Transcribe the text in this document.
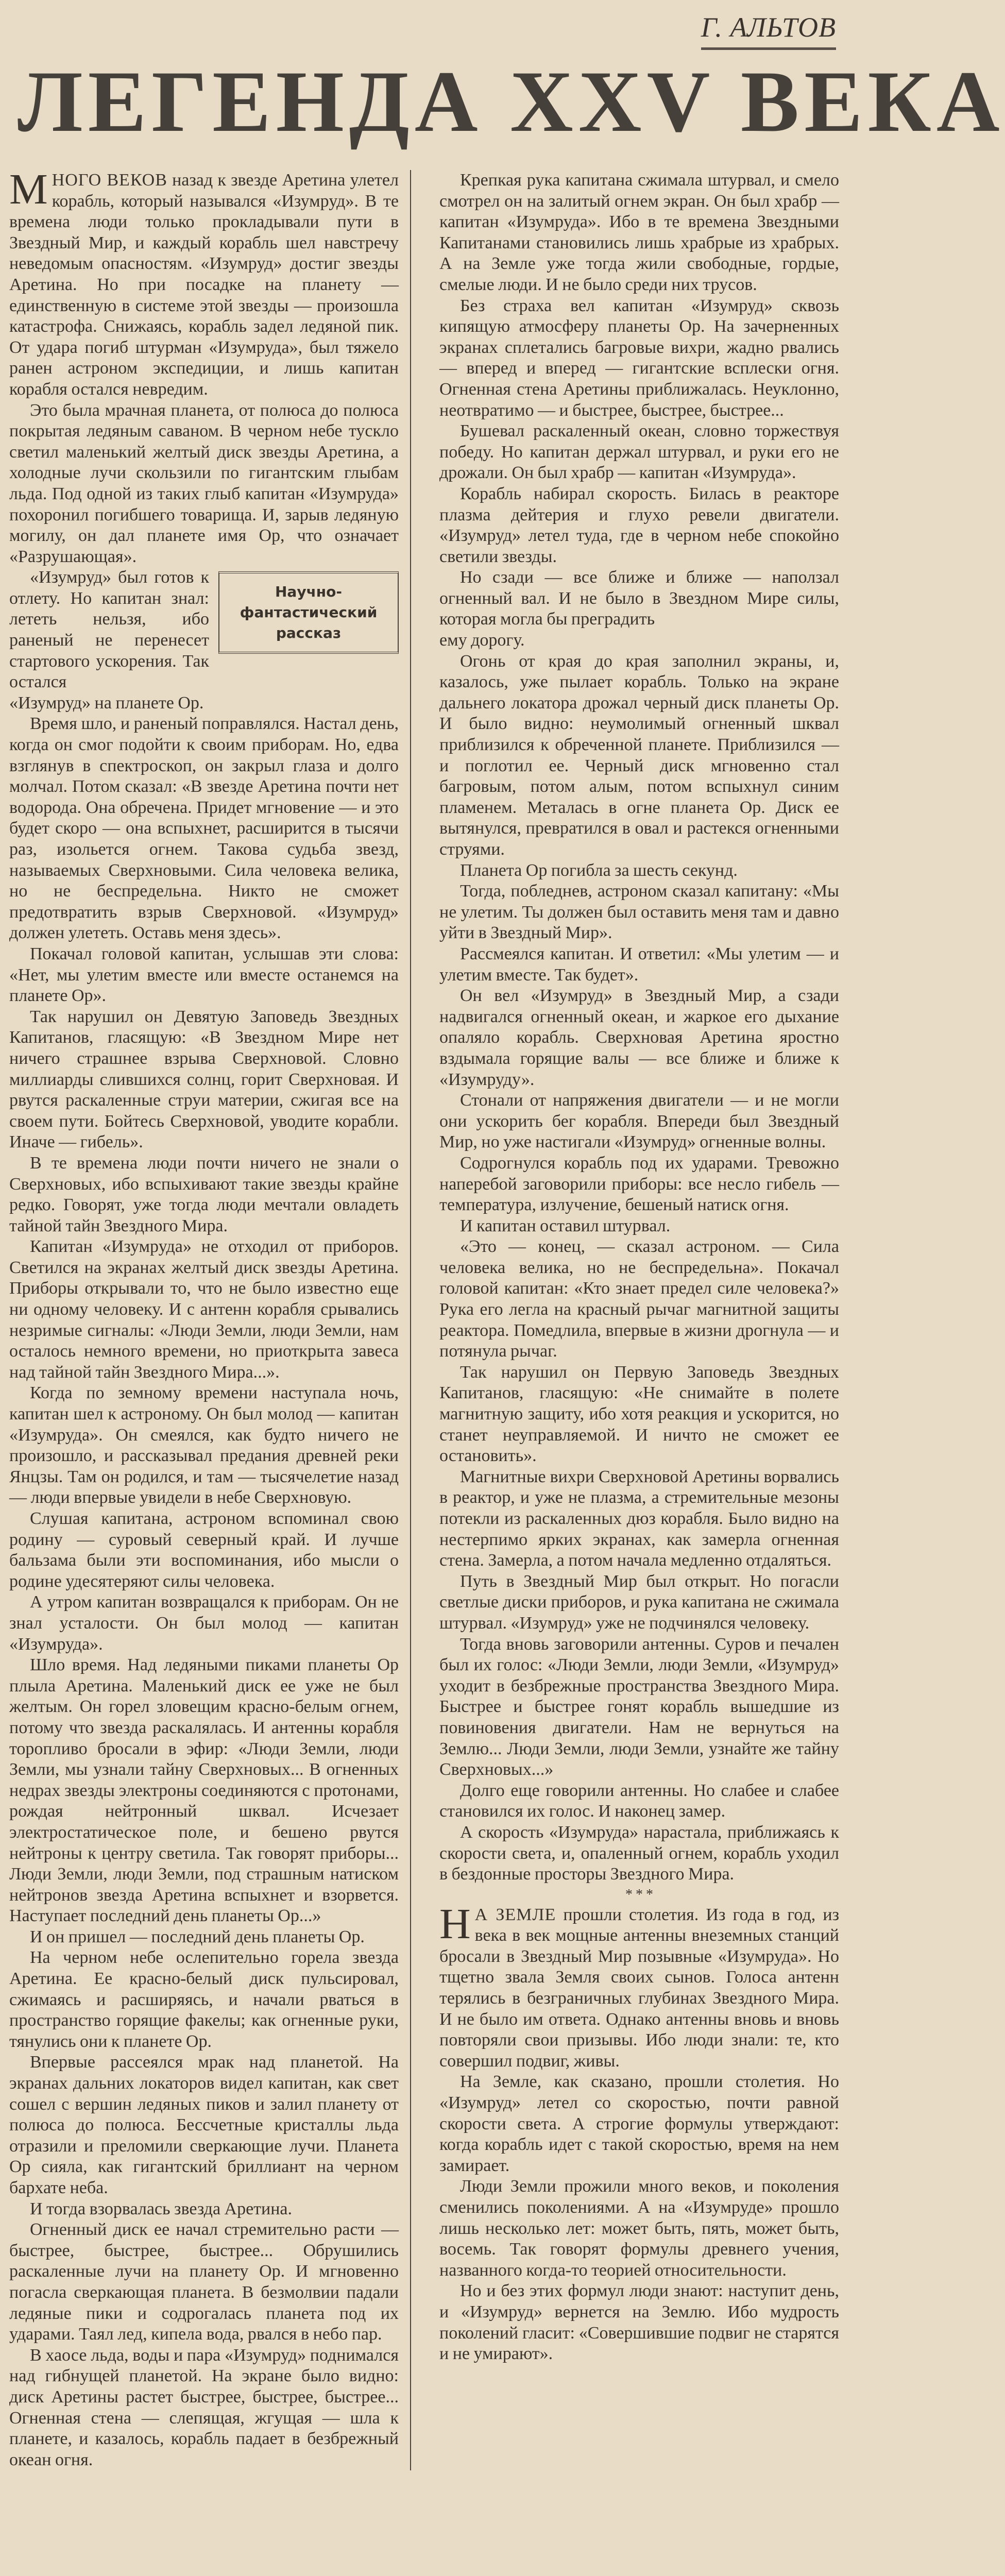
Г. АЛЬТОВ
ЛЕГЕНДА XXV ВЕКА

МНОГО ВЕКОВ назад к звезде Аретина улетел корабль, который назывался «Изумруд». В те времена люди только прокладывали пути в Звездный Мир, и каждый корабль шел навстречу неведомым опасностям. «Изумруд» достиг звезды Аретина. Но при посадке на планету — единственную в системе этой звезды — произошла катастрофа. Снижаясь, корабль задел ледяной пик. От удара погиб штурман «Изумруда», был тяжело ранен астроном экспедиции, и лишь капитан корабля остался невредим.

Это была мрачная планета, от полюса до полюса покрытая ледяным саваном. В черном небе тускло светил маленький желтый диск звезды Аретина, а холодные лучи скользили по гигантским глыбам льда. Под одной из таких глыб капитан «Изумруда» похоронил погибшего товарища. И, зарыв ледяную могилу, он дал планете имя Ор, что означает «Разрушающая».

Научно-фантастический рассказ

«Изумруд» был готов к отлету. Но капитан знал: лететь нельзя, ибо раненый не перенесет стартового ускорения. Так остался

«Изумруд» на планете Ор.

Время шло, и раненый поправлялся. Настал день, когда он смог подойти к своим приборам. Но, едва взглянув в спектроскоп, он закрыл глаза и долго молчал. Потом сказал: «В звезде Аретина почти нет водорода. Она обречена. Придет мгновение — и это будет скоро — она вспыхнет, расширится в тысячи раз, изольется огнем. Такова судьба звезд, называемых Сверхновыми. Сила человека велика, но не беспредельна. Никто не сможет предотвратить взрыв Сверхновой. «Изумруд» должен улететь. Оставь меня здесь».

Покачал головой капитан, услышав эти слова: «Нет, мы улетим вместе или вместе останемся на планете Ор».

Так нарушил он Девятую Заповедь Звездных Капитанов, гласящую: «В Звездном Мире нет ничего страшнее взрыва Сверхновой. Словно миллиарды слившихся солнц, горит Сверхновая. И рвутся раскаленные струи материи, сжигая все на своем пути. Бойтесь Сверхновой, уводите корабли. Иначе — гибель».

В те времена люди почти ничего не знали о Сверхновых, ибо вспыхивают такие звезды крайне редко. Говорят, уже тогда люди мечтали овладеть тайной тайн Звездного Мира.

Капитан «Изумруда» не отходил от приборов. Светился на экранах желтый диск звезды Аретина. Приборы открывали то, что не было известно еще ни одному человеку. И с антенн корабля срывались незримые сигналы: «Люди Земли, люди Земли, нам осталось немного времени, но приоткрыта завеса над тайной тайн Звездного Мира...».

Когда по земному времени наступала ночь, капитан шел к астроному. Он был молод — капитан «Изумруда». Он смеялся, как будто ничего не произошло, и рассказывал предания древней реки Янцзы. Там он родился, и там — тысячелетие назад — люди впервые увидели в небе Сверхновую.

Слушая капитана, астроном вспоминал свою родину — суровый северный край. И лучше бальзама были эти воспоминания, ибо мысли о родине удесятеряют силы человека.

А утром капитан возвращался к приборам. Он не знал усталости. Он был молод — капитан «Изумруда».

Шло время. Над ледяными пиками планеты Ор плыла Аретина. Маленький диск ее уже не был желтым. Он горел зловещим красно-белым огнем, потому что звезда раскалялась. И антенны корабля торопливо бросали в эфир: «Люди Земли, люди Земли, мы узнали тайну Сверхновых... В огненных недрах звезды электроны соединяются с протонами, рождая нейтронный шквал. Исчезает электростатическое поле, и бешено рвутся нейтроны к центру светила. Так говорят приборы... Люди Земли, люди Земли, под страшным натиском нейтронов звезда Аретина вспыхнет и взорвется. Наступает последний день планеты Ор...»

И он пришел — последний день планеты Ор.

На черном небе ослепительно горела звезда Аретина. Ее красно-белый диск пульсировал, сжимаясь и расширяясь, и начали рваться в пространство горящие факелы; как огненные руки, тянулись они к планете Ор.

Впервые рассеялся мрак над планетой. На экранах дальних локаторов видел капитан, как свет сошел с вершин ледяных пиков и залил планету от полюса до полюса. Бессчетные кристаллы льда отразили и преломили сверкающие лучи. Планета Ор сияла, как гигантский бриллиант на черном бархате неба.

И тогда взорвалась звезда Аретина.

Огненный диск ее начал стремительно расти — быстрее, быстрее, быстрее... Обрушились раскаленные лучи на планету Ор. И мгновенно погасла сверкающая планета. В безмолвии падали ледяные пики и содрогалась планета под их ударами. Таял лед, кипела вода, рвался в небо пар.

В хаосе льда, воды и пара «Изумруд» поднимался над гибнущей планетой. На экране было видно: диск Аретины растет быстрее, быстрее, быстрее... Огненная стена — слепящая, жгущая — шла к планете, и казалось, корабль падает в безбрежный океан огня.

Крепкая рука капитана сжимала штурвал, и смело смотрел он на залитый огнем экран. Он был храбр — капитан «Изумруда». Ибо в те времена Звездными Капитанами становились лишь храбрые из храбрых. А на Земле уже тогда жили свободные, гордые, смелые люди. И не было среди них трусов.

Без страха вел капитан «Изумруд» сквозь кипящую атмосферу планеты Ор. На зачерненных экранах сплетались багровые вихри, жадно рвались — вперед и вперед — гигантские всплески огня. Огненная стена Аретины приближалась. Неуклонно, неотвратимо — и быстрее, быстрее, быстрее...

Бушевал раскаленный океан, словно торжествуя победу. Но капитан держал штурвал, и руки его не дрожали. Он был храбр — капитан «Изумруда».

Корабль набирал скорость. Билась в реакторе плазма дейтерия и глухо ревели двигатели. «Изумруд» летел туда, где в черном небе спокойно светили звезды.

Но сзади — все ближе и ближе — наползал огненный вал. И не было в Звездном Мире силы, которая могла бы преградить

ему дорогу.

Огонь от края до края заполнил экраны, и, казалось, уже пылает корабль. Только на экране дальнего локатора дрожал черный диск планеты Ор. И было видно: неумолимый огненный шквал приблизился к обреченной планете. Приблизился — и поглотил ее. Черный диск мгновенно стал багровым, потом алым, потом вспыхнул синим пламенем. Металась в огне планета Ор. Диск ее вытянулся, превратился в овал и растекся огненными струями.

Планета Ор погибла за шесть секунд.

Тогда, побледнев, астроном сказал капитану: «Мы не улетим. Ты должен был оставить меня там и давно уйти в Звездный Мир».

Рассмеялся капитан. И ответил: «Мы улетим — и улетим вместе. Так будет».

Он вел «Изумруд» в Звездный Мир, а сзади надвигался огненный океан, и жаркое его дыхание опаляло корабль. Сверхновая Аретина яростно вздымала горящие валы — все ближе и ближе к «Изумруду».

Стонали от напряжения двигатели — и не могли они ускорить бег корабля. Впереди был Звездный Мир, но уже настигали «Изумруд» огненные волны.

Содрогнулся корабль под их ударами. Тревожно наперебой заговорили приборы: все несло гибель — температура, излучение, бешеный натиск огня.

И капитан оставил штурвал.

«Это — конец, — сказал астроном. — Сила человека велика, но не беспредельна». Покачал головой капитан: «Кто знает предел силе человека?» Рука его легла на красный рычаг магнитной защиты реактора. Помедлила, впервые в жизни дрогнула — и потянула рычаг.

Так нарушил он Первую Заповедь Звездных Капитанов, гласящую: «Не снимайте в полете магнитную защиту, ибо хотя реакция и ускорится, но станет неуправляемой. И ничто не сможет ее остановить».

Магнитные вихри Сверхновой Аретины ворвались в реактор, и уже не плазма, а стремительные мезоны потекли из раскаленных дюз корабля. Было видно на нестерпимо ярких экранах, как замерла огненная стена. Замерла, а потом начала медленно отдаляться.

Путь в Звездный Мир был открыт. Но погасли светлые диски приборов, и рука капитана не сжимала штурвал. «Изумруд» уже не подчинялся человеку.

Тогда вновь заговорили антенны. Суров и печален был их голос: «Люди Земли, люди Земли, «Изумруд» уходит в безбрежные пространства Звездного Мира. Быстрее и быстрее гонят корабль вышедшие из повиновения двигатели. Нам не вернуться на Землю... Люди Земли, люди Земли, узнайте же тайну Сверхновых...»

Долго еще говорили антенны. Но слабее и слабее становился их голос. И наконец замер.

А скорость «Изумруда» нарастала, приближаясь к скорости света, и, опаленный огнем, корабль уходил в бездонные просторы Звездного Мира.

* * *

Н А ЗЕМЛЕ прошли столетия. Из года в год, из века в век мощные антенны внеземных станций бросали в Звездный Мир позывные «Изумруда». Но тщетно звала Земля своих сынов. Голоса антенн терялись в безграничных глубинах Звездного Мира. И не было им ответа. Однако антенны вновь и вновь повторяли свои призывы. Ибо люди знали: те, кто совершил подвиг, живы.

На Земле, как сказано, прошли столетия. Но «Изумруд» летел со скоростью, почти равной скорости света. А строгие формулы утверждают: когда корабль идет с такой скоростью, время на нем замирает.

Люди Земли прожили много веков, и поколения сменились поколениями. А на «Изумруде» прошло лишь несколько лет: может быть, пять, может быть, восемь. Так говорят формулы древнего учения, названного когда-то теорией относительности.

Но и без этих формул люди знают: наступит день, и «Изумруд» вернется на Землю. Ибо мудрость поколений гласит: «Совершившие подвиг не старятся и не умирают».
